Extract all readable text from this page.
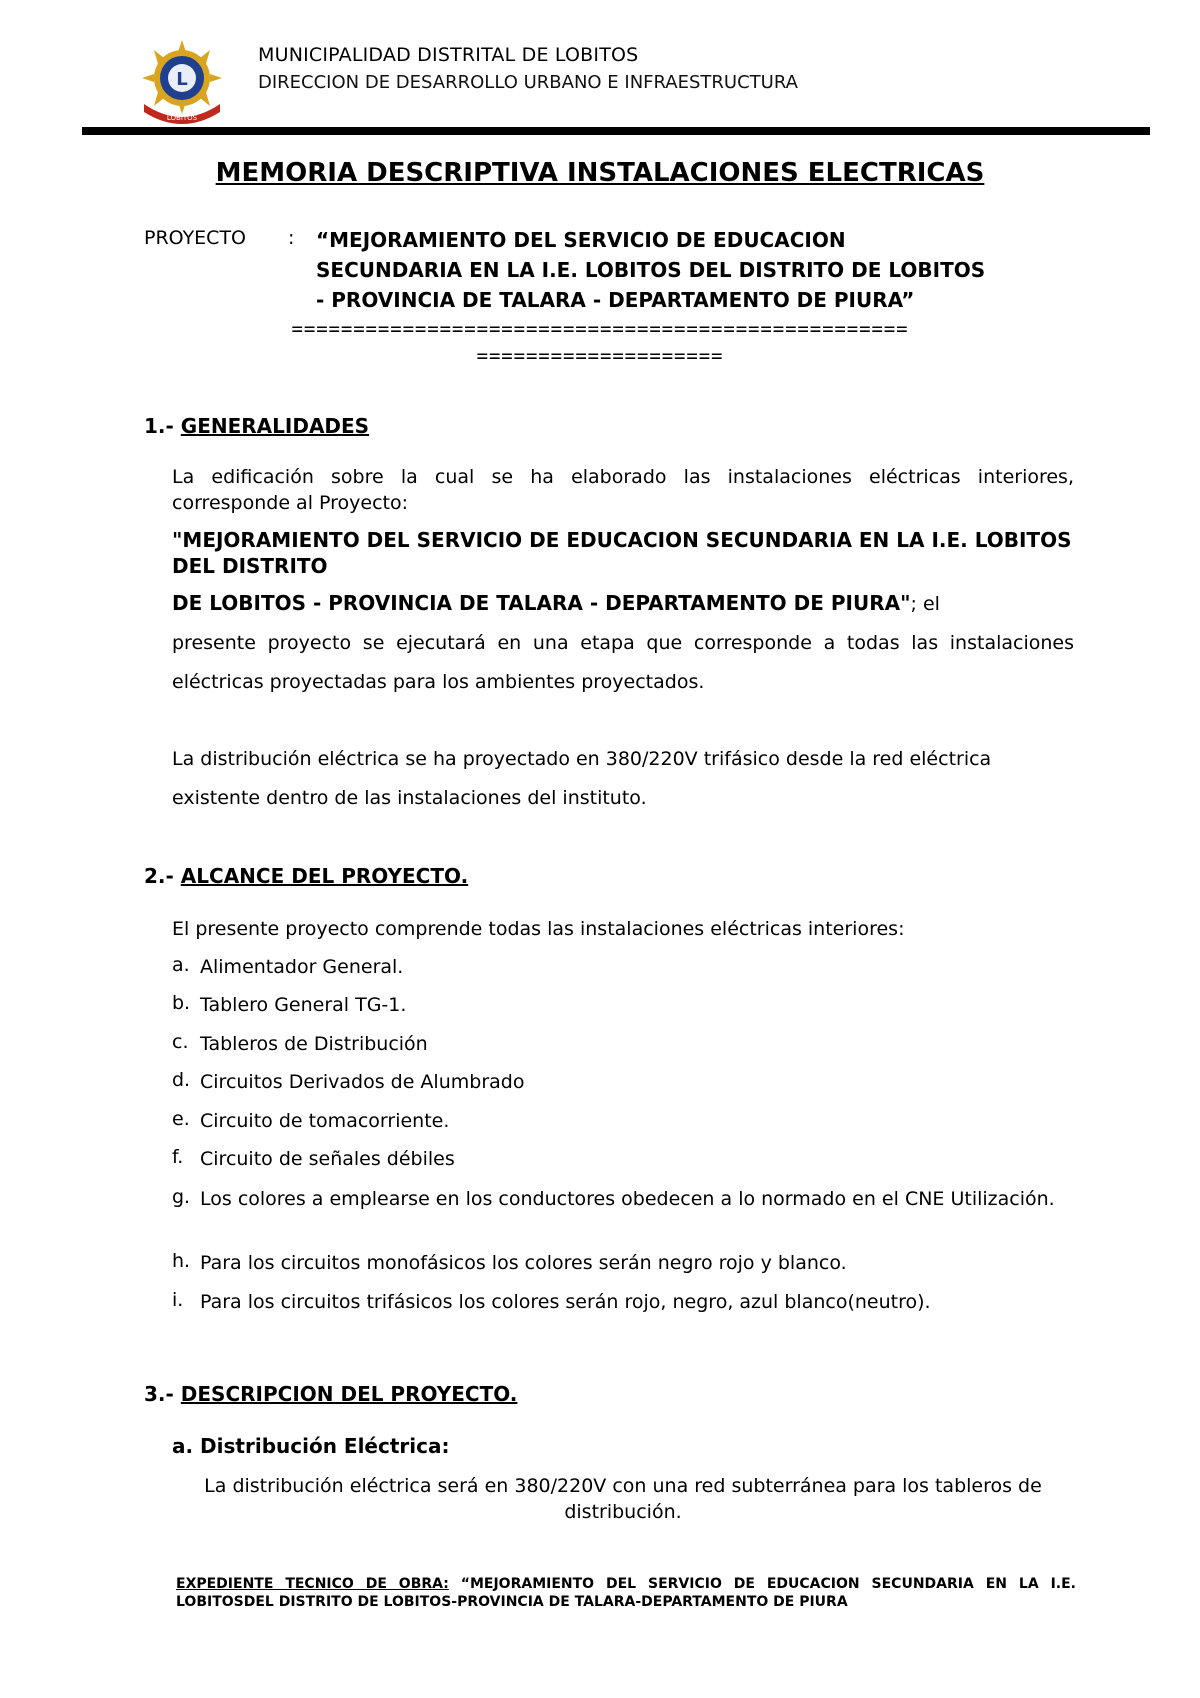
L
LOBITOS
MUNICIPALIDAD DISTRITAL DE LOBITOS
DIRECCION DE DESARROLLO URBANO E INFRAESTRUCTURA
MEMORIA DESCRIPTIVA INSTALACIONES ELECTRICAS
PROYECTO : “MEJORAMIENTO DEL SERVICIO DE EDUCACION
SECUNDARIA EN LA I.E. LOBITOS DEL DISTRITO DE LOBITOS
- PROVINCIA DE TALARA - DEPARTAMENTO DE PIURA”
==================================================
====================
1.- GENERALIDADES
La edificación sobre la cual se ha elaborado las instalaciones eléctricas interiores, corresponde al Proyecto:
"MEJORAMIENTO DEL SERVICIO DE EDUCACION SECUNDARIA EN LA I.E. LOBITOS DEL DISTRITO
DE LOBITOS - PROVINCIA DE TALARA - DEPARTAMENTO DE PIURA"; el
presente proyecto se ejecutará en una etapa que corresponde a todas las instalaciones eléctricas proyectadas para los ambientes proyectados.
La distribución eléctrica se ha proyectado en 380/220V trifásico desde la red eléctrica existente dentro de las instalaciones del instituto.
2.- ALCANCE DEL PROYECTO.
El presente proyecto comprende todas las instalaciones eléctricas interiores:
a. Alimentador General.
b. Tablero General TG-1.
c. Tableros de Distribución
d. Circuitos Derivados de Alumbrado
e. Circuito de tomacorriente.
f. Circuito de señales débiles
g. Los colores a emplearse en los conductores obedecen a lo normado en el CNE Utilización.
h. Para los circuitos monofásicos los colores serán negro rojo y blanco.
i. Para los circuitos trifásicos los colores serán rojo, negro, azul blanco(neutro).
3.- DESCRIPCION DEL PROYECTO.
a. Distribución Eléctrica:
La distribución eléctrica será en 380/220V con una red subterránea para los tableros de distribución.
EXPEDIENTE TECNICO DE OBRA: “MEJORAMIENTO DEL SERVICIO DE EDUCACION SECUNDARIA EN LA I.E. LOBITOSDEL DISTRITO DE LOBITOS-PROVINCIA DE TALARA-DEPARTAMENTO DE PIURA
